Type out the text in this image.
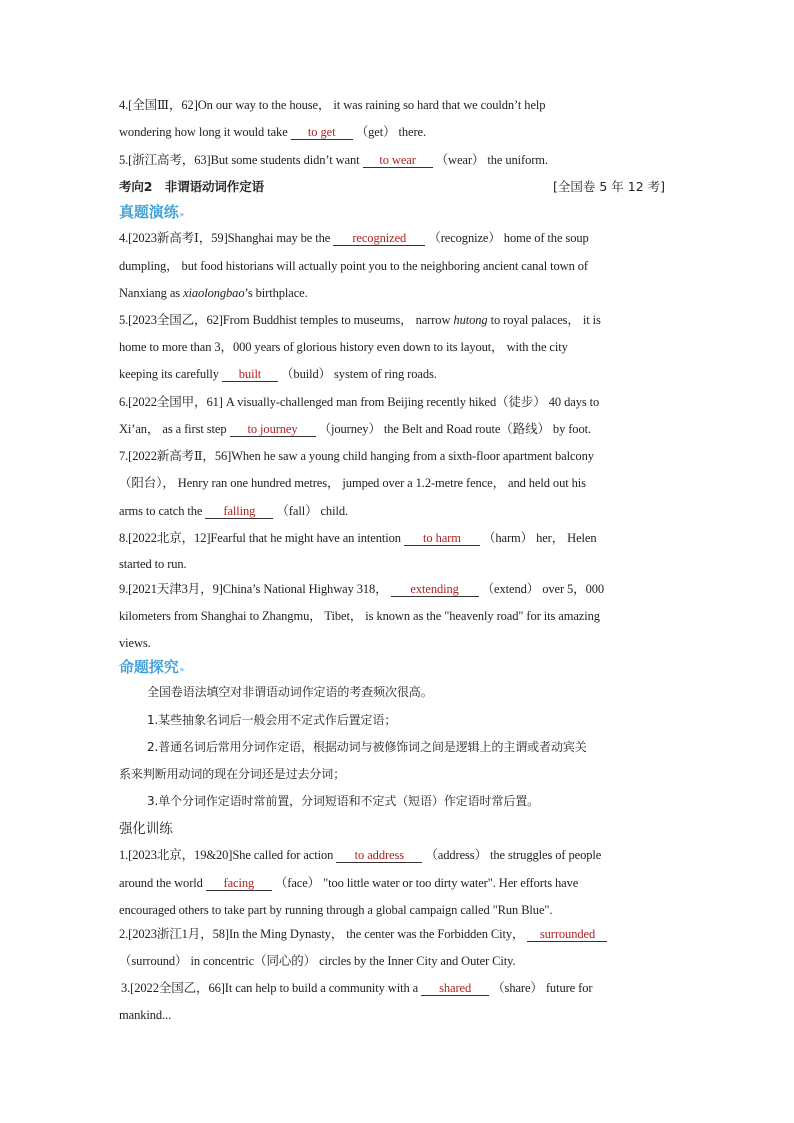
4.[全国Ⅲ，62]On our way to the house， it was raining so hard that we couldn’t help
wondering how long it would take to get （get） there.
5.[浙江高考，63]But some students didn’t want to wear （wear） the uniform.
考向2　非谓语动词作定语	[全国卷 5 年 12 考]
真题演练»
4.[2023新高考Ⅰ，59]Shanghai may be the recognized （recognize） home of the soup
dumpling， but food historians will actually point you to the neighboring ancient canal town of
Nanxiang as xiaolongbao’s birthplace.
5.[2023全国乙，62]From Buddhist temples to museums， narrow hutong to royal palaces， it is
home to more than 3，000 years of glorious history even down to its layout， with the city
keeping its carefully built （build） system of ring roads.
6.[2022全国甲，61] A visually-challenged man from Beijing recently hiked（徒步） 40 days to
Xi’an， as a first step to journey （journey） the Belt and Road route（路线） by foot.
7.[2022新高考Ⅱ，56]When he saw a young child hanging from a sixth-floor apartment balcony
（阳台）， Henry ran one hundred metres， jumped over a 1.2-metre fence， and held out his
arms to catch the falling （fall） child.
8.[2022北京，12]Fearful that he might have an intention to harm （harm） her， Helen
started to run.
9.[2021天津3月，9]China’s National Highway 318， extending （extend） over 5，000
kilometers from Shanghai to Zhangmu， Tibet， is known as the "heavenly road" for its amazing
views.
命题探究»
全国卷语法填空对非谓语动词作定语的考查频次很高。
1.某些抽象名词后一般会用不定式作后置定语；
2.普通名词后常用分词作定语，根据动词与被修饰词之间是逻辑上的主谓或者动宾关
系来判断用动词的现在分词还是过去分词；
3.单个分词作定语时常前置，分词短语和不定式（短语）作定语时常后置。
强化训练
1.[2023北京，19&20]She called for action to address （address） the struggles of people
around the world facing （face） "too little water or too dirty water". Her efforts have
encouraged others to take part by running through a global campaign called "Run Blue".
2.[2023浙江1月，58]In the Ming Dynasty， the center was the Forbidden City， surrounded
（surround） in concentric（同心的） circles by the Inner City and Outer City.
3.[2022全国乙，66]It can help to build a community with a shared （share） future for
mankind...
